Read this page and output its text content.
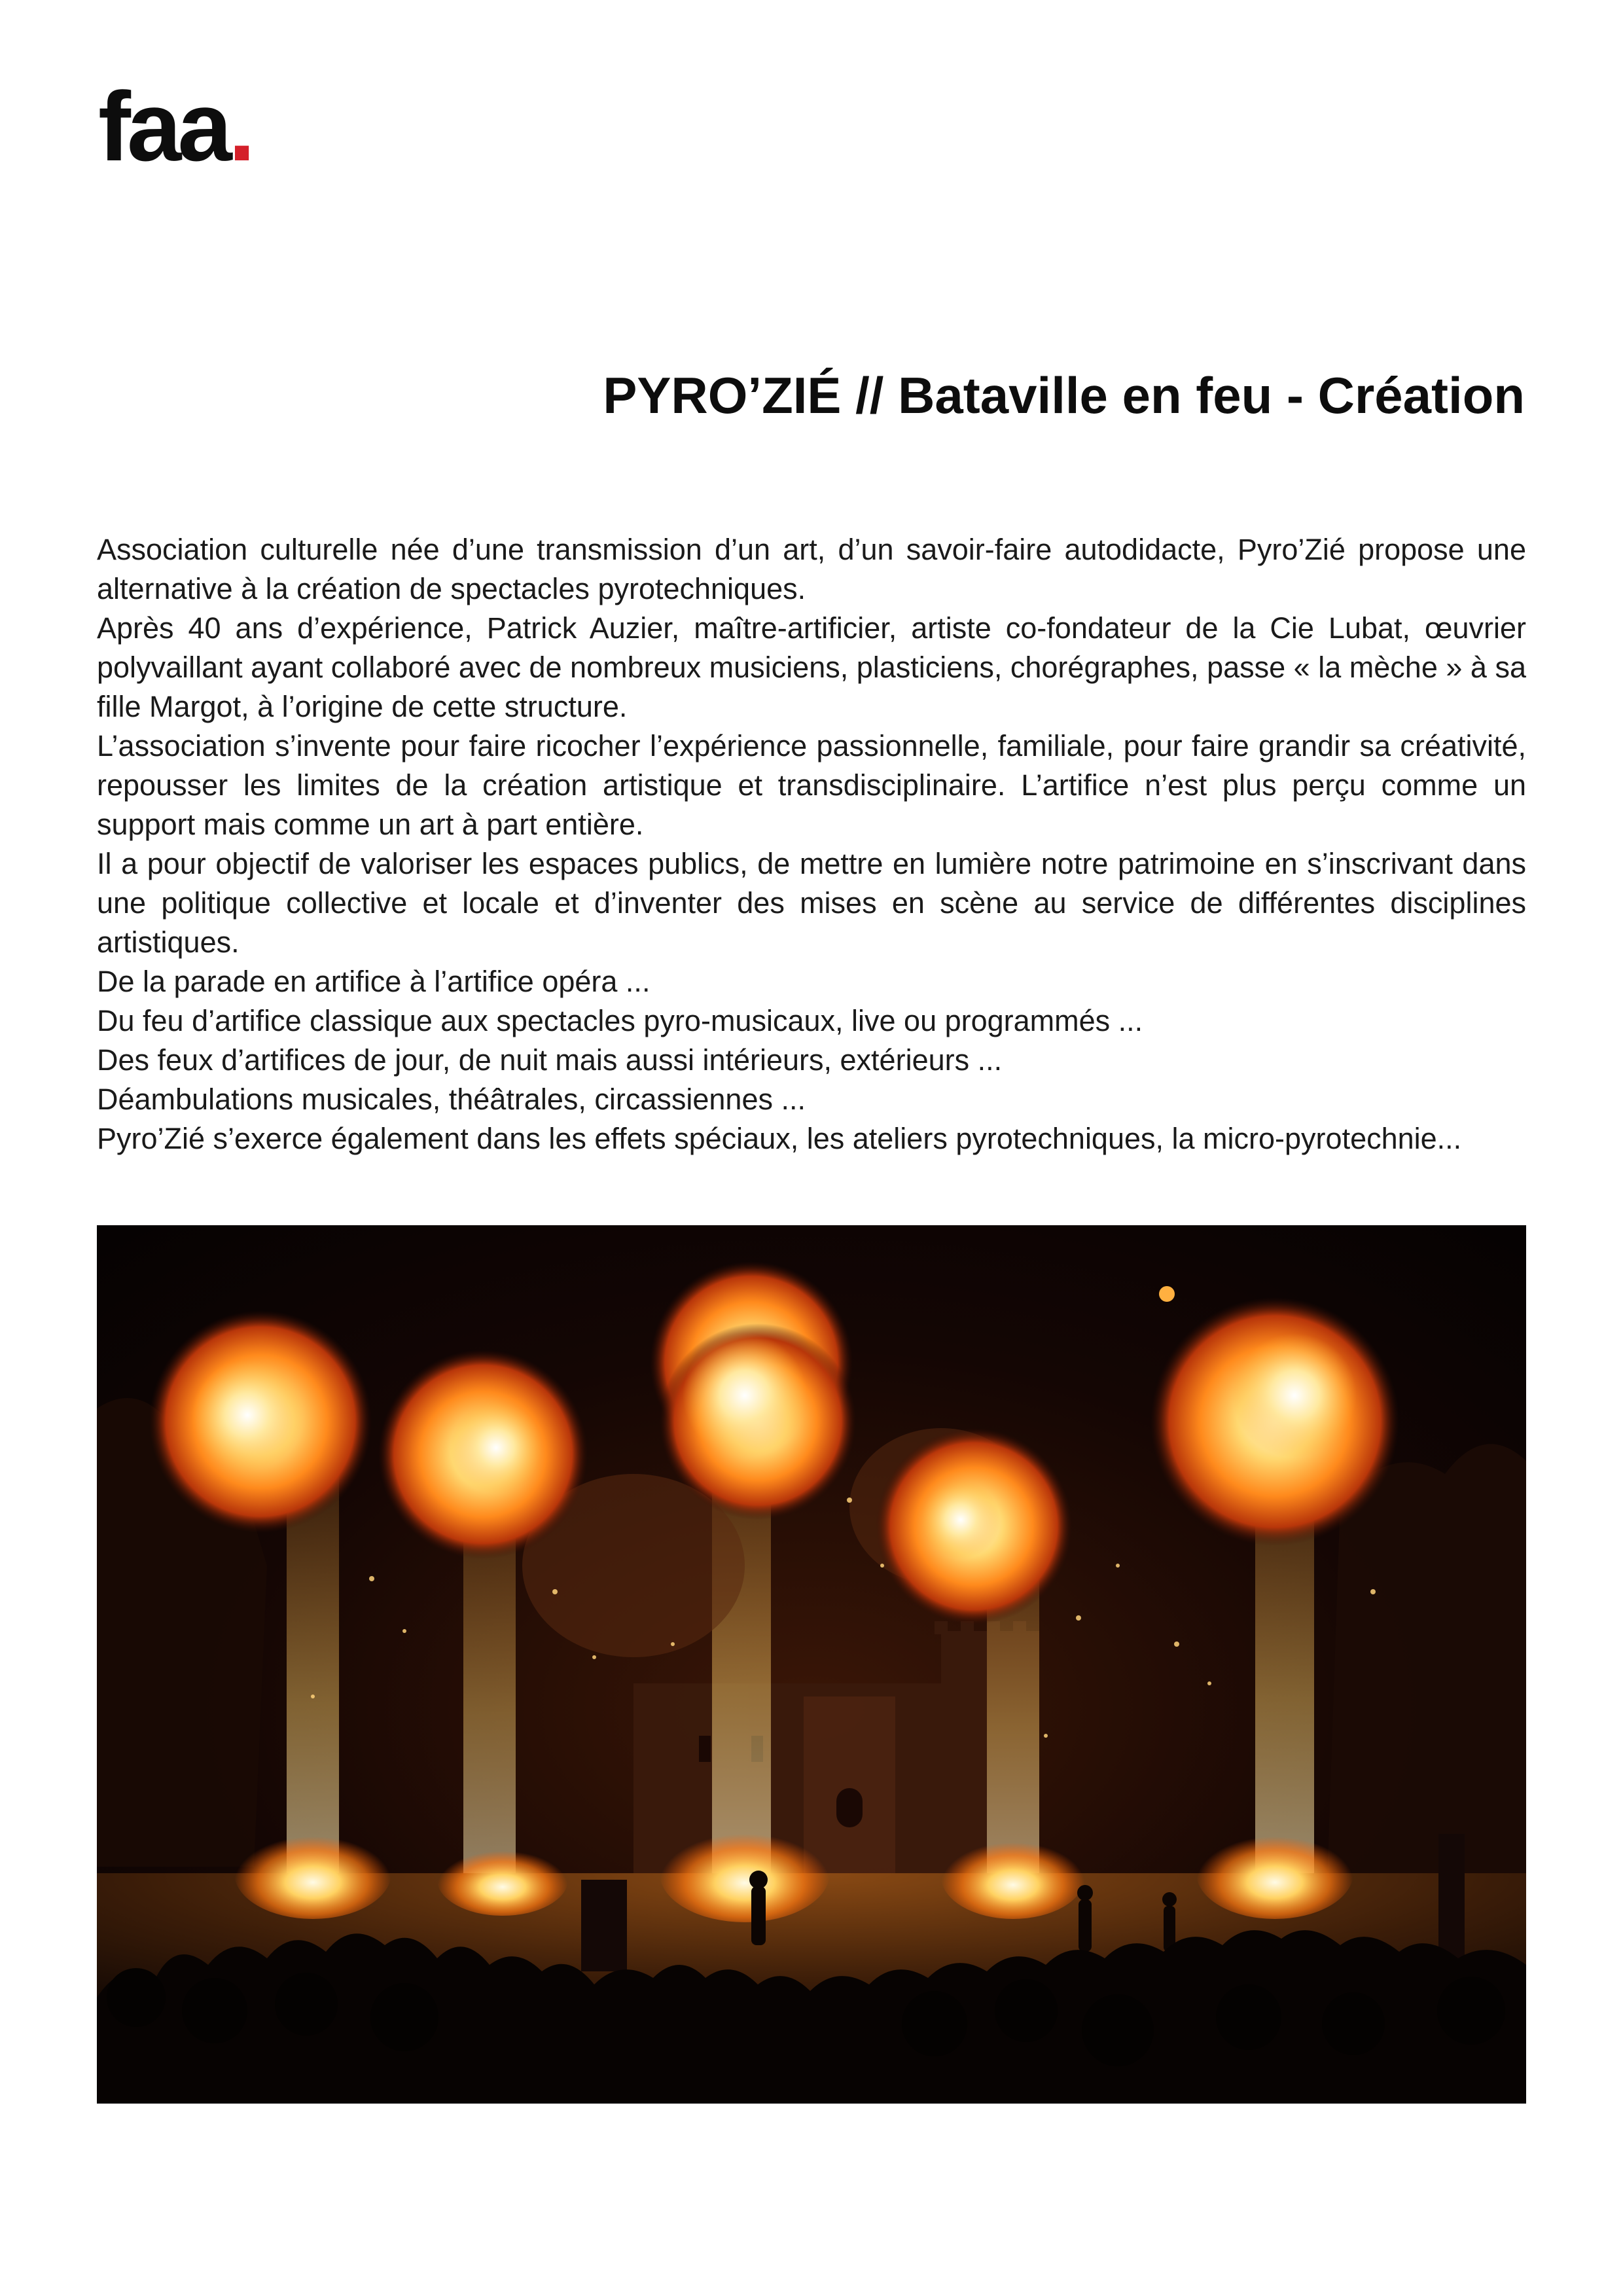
faa.
PYRO’ZIÉ // Bataville en feu - Création

Association culturelle née d’une transmission d’un art, d’un savoir-faire autodidacte, Pyro’Zié propose une alternative à la création de spectacles pyrotechniques.

Après 40 ans d’expérience, Patrick Auzier, maître-artificier, artiste co-fondateur de la Cie Lubat, œuvrier polyvaillant ayant collaboré avec de nombreux musiciens, plasticiens, chorégraphes, passe « la mèche » à sa fille Margot, à l’origine de cette structure.

L’association s’invente pour faire ricocher l’expérience passionnelle, familiale, pour faire grandir sa créativité, repousser les limites de la création artistique et transdisciplinaire. L’artifice n’est plus perçu comme un support mais comme un art à part entière.

Il a pour objectif de valoriser les espaces publics, de mettre en lumière notre patrimoine en s’inscrivant dans une politique collective et locale et d’inventer des mises en scène au service de différentes disciplines artistiques.

De la parade en artifice à l’artifice opéra ...

Du feu d’artifice classique aux spectacles pyro-musicaux, live ou programmés ...

Des feux d’artifices de jour, de nuit mais aussi intérieurs, extérieurs ...

Déambulations musicales, théâtrales, circassiennes ...

Pyro’Zié s’exerce également dans les effets spéciaux, les ateliers pyrotechniques, la micro-pyrotechnie...
